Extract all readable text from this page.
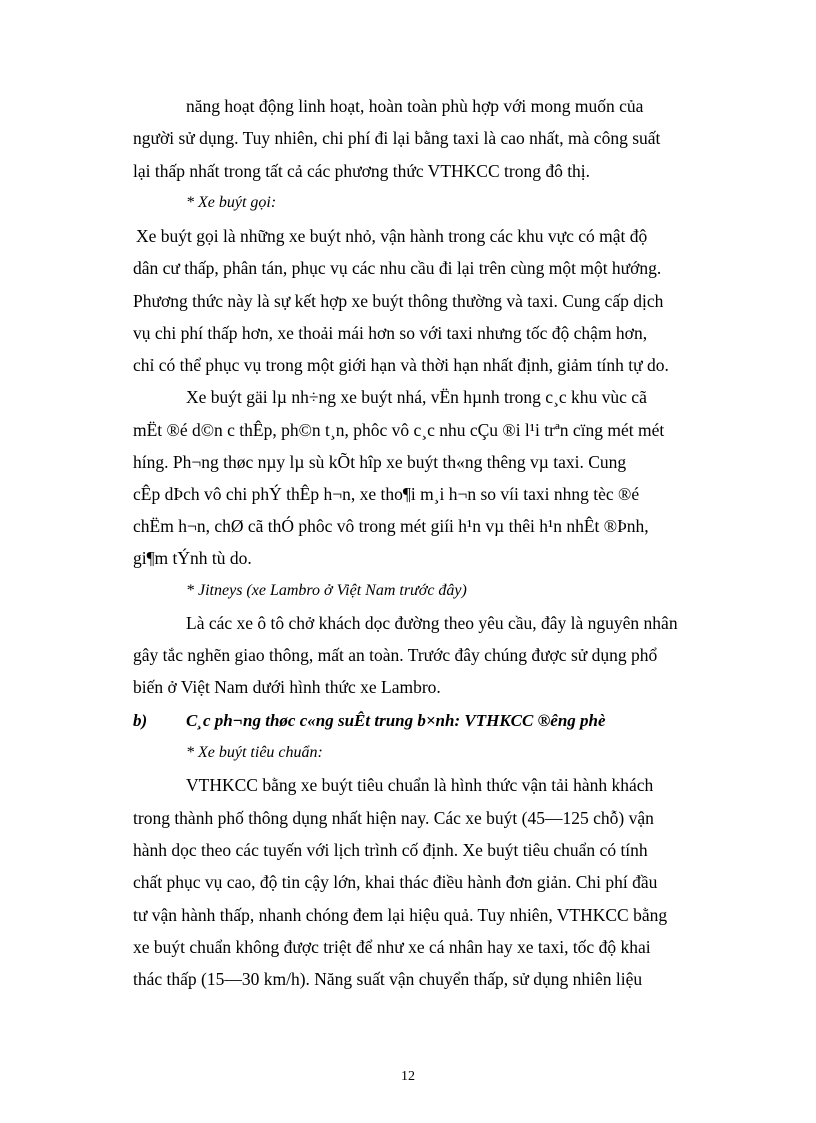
năng hoạt động linh hoạt, hoàn toàn phù hợp với mong muốn của
người sử dụng. Tuy nhiên, chi phí đi lại bằng taxi là cao nhất, mà công suất
lại thấp nhất trong tất cả các phương thức VTHKCC trong đô thị.
* Xe buýt gọi:
Xe buýt gọi là những xe buýt nhỏ, vận hành trong các khu vực có mật độ
dân cư thấp, phân tán, phục vụ các nhu cầu đi lại trên cùng một một hướng.
Phương thức này là sự kết hợp xe buýt thông thường và taxi. Cung cấp dịch
vụ chi phí thấp hơn, xe thoải mái hơn so với taxi nhưng tốc độ chậm hơn,
chỉ có thể phục vụ trong một giới hạn và thời hạn nhất định, giảm tính tự do.
Xe buýt gäi lµ nh÷ng xe buýt nhá, vËn hµnh trong c¸c khu vùc cã
mËt ®é d©n c thÊp, ph©n t¸n, phôc vô c¸c nhu cÇu ®i l¹i trªn cïng mét mét
híng. Ph¬ng thøc nµy lµ sù kÕt hîp xe buýt th«ng thêng vµ taxi. Cung
cÊp dÞch vô chi phÝ thÊp h¬n, xe tho¶i m¸i h¬n so víi taxi nhng tèc ®é
chËm h¬n, chØ cã thÓ phôc vô trong mét giíi h¹n vµ thêi h¹n nhÊt ®Þnh,
gi¶m tÝnh tù do.
* Jitneys (xe Lambro ở Việt Nam trước đây)
Là các xe ô tô chở khách dọc đường theo yêu cầu, đây là nguyên nhân
gây tắc nghẽn giao thông, mất an toàn. Trước đây chúng được sử dụng phổ
biến ở Việt Nam dưới hình thức xe Lambro.
b) C¸c ph¬ng thøc c«ng suÊt trung b×nh: VTHKCC ®êng phè
* Xe buýt tiêu chuẩn:
VTHKCC bằng xe buýt tiêu chuẩn là hình thức vận tải hành khách
trong thành phố thông dụng nhất hiện nay. Các xe buýt (45—125 chỗ) vận
hành dọc theo các tuyến với lịch trình cố định. Xe buýt tiêu chuẩn có tính
chất phục vụ cao, độ tin cậy lớn, khai thác điều hành đơn giản. Chi phí đầu
tư vận hành thấp, nhanh chóng đem lại hiệu quả. Tuy nhiên, VTHKCC bằng
xe buýt chuẩn không được triệt để như xe cá nhân hay xe taxi, tốc độ khai
thác thấp (15—30 km/h). Năng suất vận chuyển thấp, sử dụng nhiên liệu
12
